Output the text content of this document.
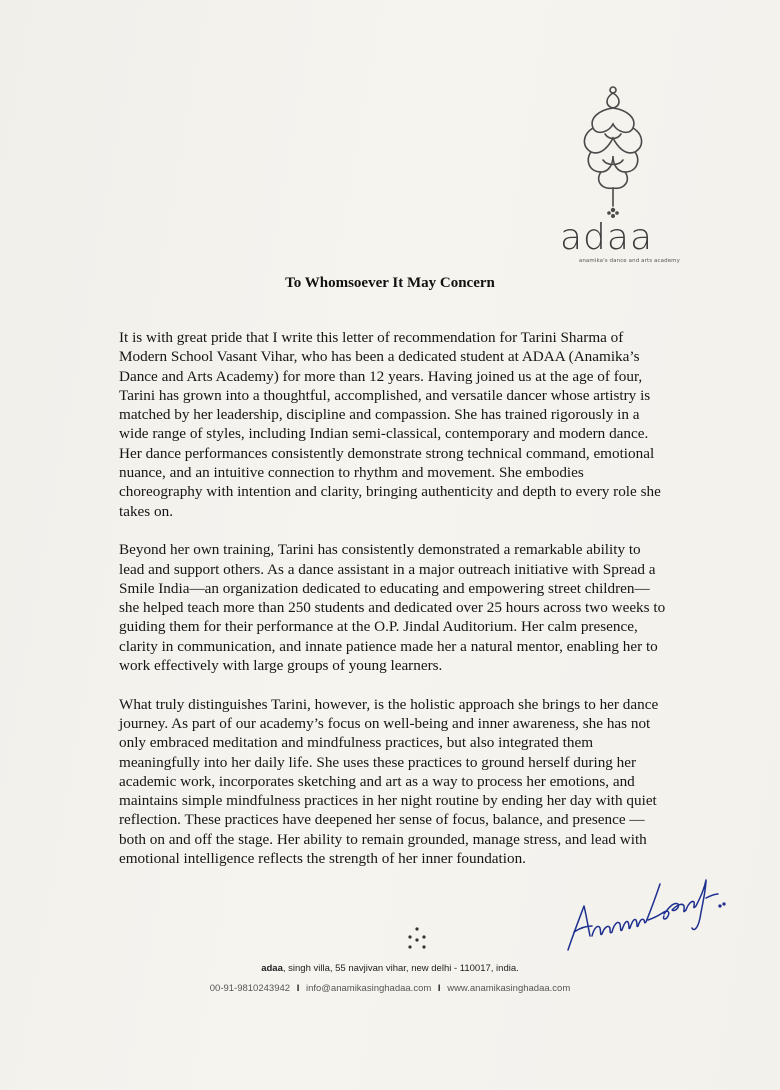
adaa
anamika's dance and arts academy
To Whomsoever It May Concern

It is with great pride that I write this letter of recommendation for Tarini Sharma of
Modern School Vasant Vihar, who has been a dedicated student at ADAA (Anamika’s
Dance and Arts Academy) for more than 12 years. Having joined us at the age of four,
Tarini has grown into a thoughtful, accomplished, and versatile dancer whose artistry is
matched by her leadership, discipline and compassion. She has trained rigorously in a
wide range of styles, including Indian semi-classical, contemporary and modern dance.
Her dance performances consistently demonstrate strong technical command, emotional
nuance, and an intuitive connection to rhythm and movement. She embodies
choreography with intention and clarity, bringing authenticity and depth to every role she
takes on.

Beyond her own training, Tarini has consistently demonstrated a remarkable ability to
lead and support others. As a dance assistant in a major outreach initiative with Spread a
Smile India—an organization dedicated to educating and empowering street children—
she helped teach more than 250 students and dedicated over 25 hours across two weeks to
guiding them for their performance at the O.P. Jindal Auditorium. Her calm presence,
clarity in communication, and innate patience made her a natural mentor, enabling her to
work effectively with large groups of young learners.

What truly distinguishes Tarini, however, is the holistic approach she brings to her dance
journey. As part of our academy’s focus on well-being and inner awareness, she has not
only embraced meditation and mindfulness practices, but also integrated them
meaningfully into her daily life. She uses these practices to ground herself during her
academic work, incorporates sketching and art as a way to process her emotions, and
maintains simple mindfulness practices in her night routine by ending her day with quiet
reflection. These practices have deepened her sense of focus, balance, and presence —
both on and off the stage. Her ability to remain grounded, manage stress, and lead with
emotional intelligence reflects the strength of her inner foundation.

adaa, singh villa, 55 navjivan vihar, new delhi - 110017, india.
00-91-9810243942 I info@anamikasinghadaa.com I www.anamikasinghadaa.com
